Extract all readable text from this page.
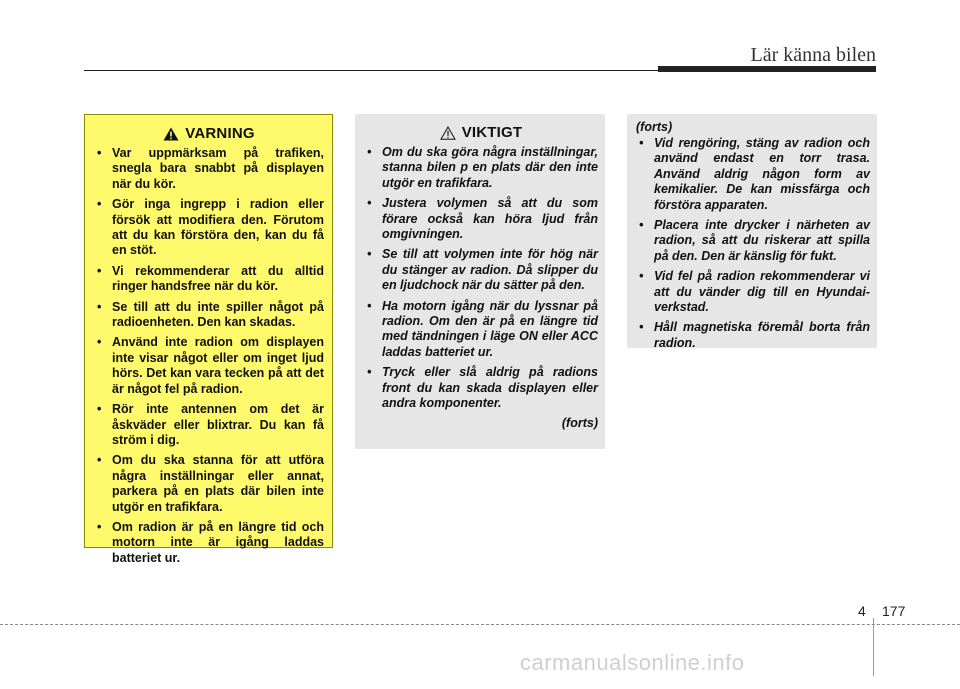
Lär känna bilen
VARNING
• Var uppmärksam på trafiken, snegla bara snabbt på displayen när du kör.
• Gör inga ingrepp i radion eller försök att modifiera den. Förutom att du kan förstöra den, kan du få en stöt.
• Vi rekommenderar att du alltid ringer handsfree när du kör.
• Se till att du inte spiller något på radioenheten. Den kan skadas.
• Använd inte radion om displayen inte visar något eller om inget ljud hörs. Det kan vara tecken på att det är något fel på radion.
• Rör inte antennen om det är åskväder eller blixtrar. Du kan få ström i dig.
• Om du ska stanna för att utföra några inställningar eller annat, parkera på en plats där bilen inte utgör en trafikfara.
• Om radion är på en längre tid och motorn inte är igång laddas batteriet ur.
VIKTIGT
• Om du ska göra några inställningar, stanna bilen p en plats där den inte utgör en trafikfara.
• Justera volymen så att du som förare också kan höra ljud från omgivningen.
• Se till att volymen inte för hög när du stänger av radion. Då slipper du en ljudchock när du sätter på den.
• Ha motorn igång när du lyssnar på radion. Om den är på en längre tid med tändningen i läge ON eller ACC laddas batteriet ur.
• Tryck eller slå aldrig på radions front du kan skada displayen eller andra komponenter.
(forts)
(forts)
• Vid rengöring, stäng av radion och använd endast en torr trasa. Använd aldrig någon form av kemikalier. De kan missfärga och förstöra apparaten.
• Placera inte drycker i närheten av radion, så att du riskerar att spilla på den. Den är känslig för fukt.
• Vid fel på radion rekommenderar vi att du vänder dig till en Hyundai-verkstad.
• Håll magnetiska föremål borta från radion.
4 177
carmanualsonline.info
